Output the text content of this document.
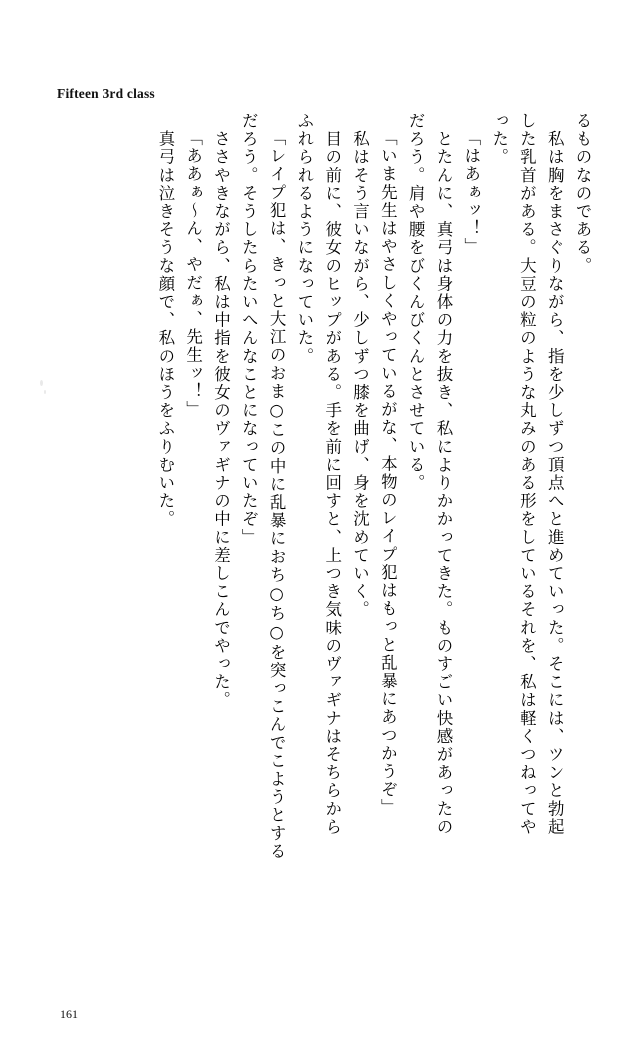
Fifteen 3rd class
るものなのである。
　私は胸をまさぐりながら、指を少しずつ頂点へと進めていった。そこには、ツンと勃起
した乳首がある。大豆の粒のような丸みのある形をしているそれを、私は軽くつねってや
った。
「はあぁッ！」
　とたんに、真弓は身体の力を抜き、私によりかかってきた。ものすごい快感があったの
だろう。肩や腰をびくんびくんとさせている。
「いま先生はやさしくやっているがな、本物のレイプ犯はもっと乱暴にあつかうぞ」
　私はそう言いながら、少しずつ膝を曲げ、身を沈めていく。
　目の前に、彼女のヒップがある。手を前に回すと、上つき気味のヴァギナはそちらから
ふれられるようになっていた。
「レイプ犯は、きっと大江のおま○この中に乱暴におち○ち○を突っこんでこようとする
だろう。そうしたらたいへんなことになっていたぞ」
　ささやきながら、私は中指を彼女のヴァギナの中に差しこんでやった。
「ああぁ～ん、やだぁ、先生ッ！」
　真弓は泣きそうな顔で、私のほうをふりむいた。
161
